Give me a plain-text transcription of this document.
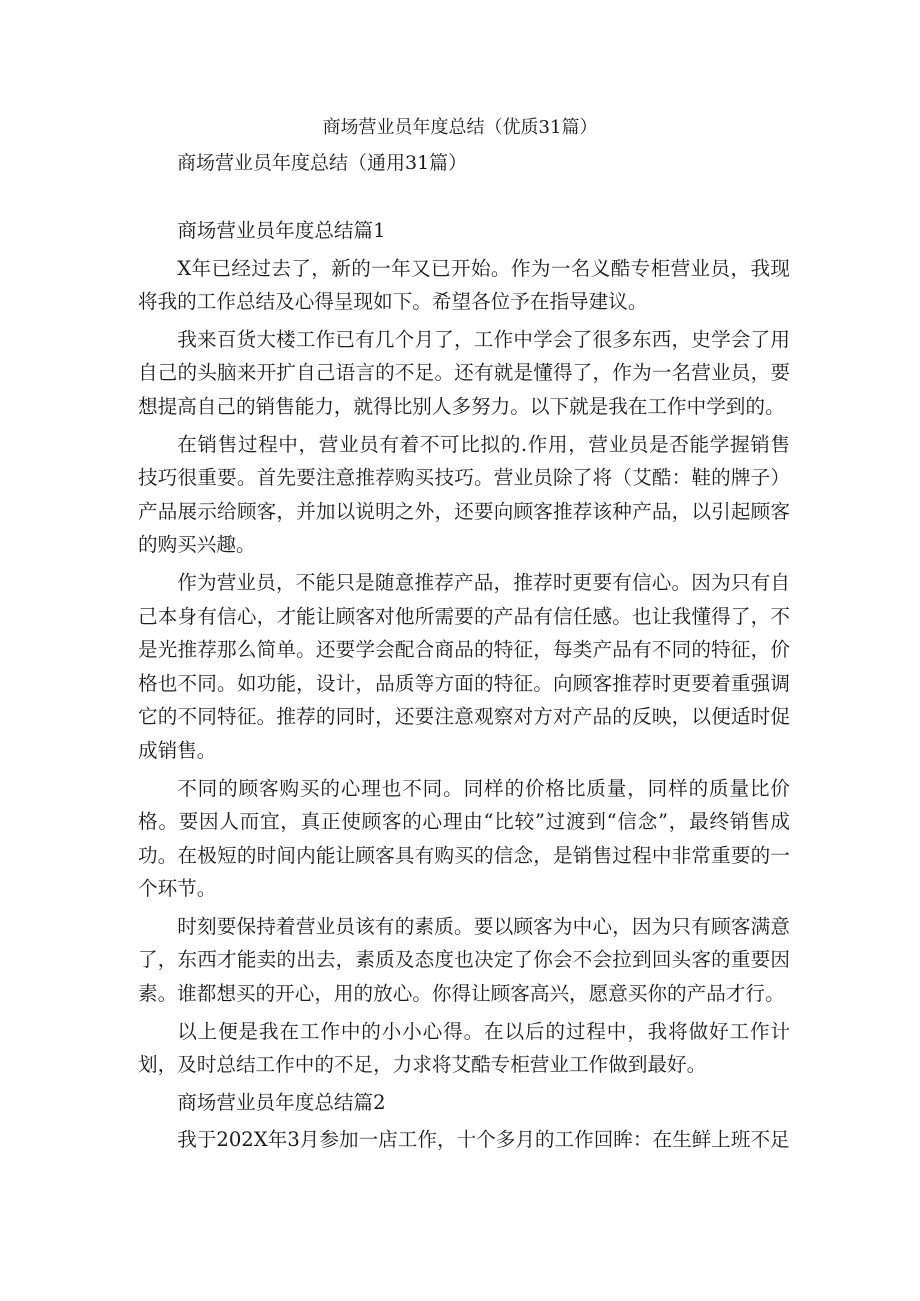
商场营业员年度总结（优质31篇）
商场营业员年度总结（通用31篇）

商场营业员年度总结篇1

X年已经过去了，新的一年又已开始。作为一名义酷专柜营业员，我现将我的工作总结及心得呈现如下。希望各位予在指导建议。

我来百货大楼工作已有几个月了，工作中学会了很多东西，史学会了用自己的头脑来开扩自己语言的不足。还有就是懂得了，作为一名营业员，要想提高自己的销售能力，就得比别人多努力。以下就是我在工作中学到的。

在销售过程中，营业员有着不可比拟的.作用，营业员是否能学握销售技巧很重要。首先要注意推荐购买技巧。营业员除了将（艾酷：鞋的牌子）产品展示给顾客，并加以说明之外，还要向顾客推荐该种产品，以引起顾客的购买兴趣。

作为营业员，不能只是随意推荐产品，推荐时更要有信心。因为只有自己本身有信心，才能让顾客对他所需要的产品有信任感。也让我懂得了，不是光推荐那么简单。还要学会配合商品的特征，每类产品有不同的特征，价格也不同。如功能，设计，品质等方面的特征。向顾客推荐时更要着重强调它的不同特征。推荐的同时，还要注意观察对方对产品的反映，以便适时促成销售。

不同的顾客购买的心理也不同。同样的价格比质量，同样的质量比价格。要因人而宜，真正使顾客的心理由“比较”过渡到“信念”，最终销售成功。在极短的时间内能让顾客具有购买的信念，是销售过程中非常重要的一个环节。

时刻要保持着营业员该有的素质。要以顾客为中心，因为只有顾客满意了，东西才能卖的出去，素质及态度也决定了你会不会拉到回头客的重要因素。谁都想买的开心，用的放心。你得让顾客高兴，愿意买你的产品才行。

以上便是我在工作中的小小心得。在以后的过程中，我将做好工作计划，及时总结工作中的不足，力求将艾酷专柜营业工作做到最好。

商场营业员年度总结篇2

我于202X年3月参加一店工作，十个多月的工作回眸：在生鲜上班不足
